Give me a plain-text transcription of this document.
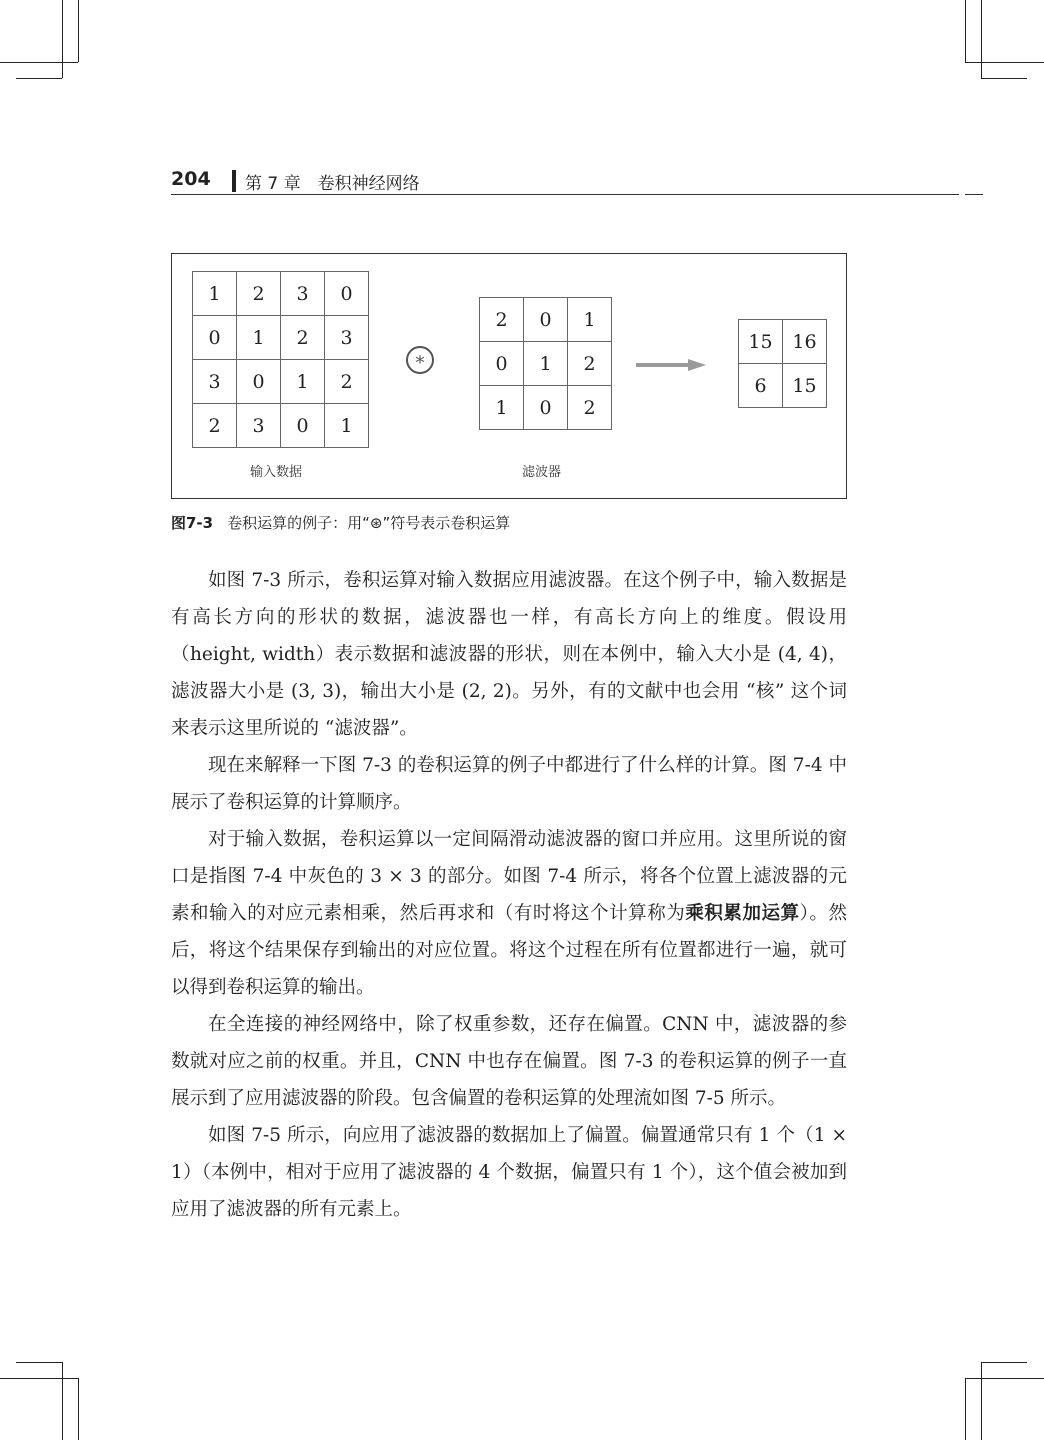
204 第 7 章　卷积神经网络
1	2	3	0
0	1	2	3
3	0	1	2
2	3	0	1
∗
2	0	1
0	1	2
1	0	2
15	16
6	15
输入数据	滤波器
图7-3 卷积运算的例子：用“⊛”符号表示卷积运算

如图 7-3 所示，卷积运算对输入数据应用滤波器。在这个例子中，输入数据是有高长方向的形状的数据，滤波器也一样，有高长方向上的维度。假设用（height, width）表示数据和滤波器的形状，则在本例中，输入大小是 (4, 4)，滤波器大小是 (3, 3)，输出大小是 (2, 2)。另外，有的文献中也会用 “核” 这个词来表示这里所说的 “滤波器”。

现在来解释一下图 7-3 的卷积运算的例子中都进行了什么样的计算。图 7-4 中展示了卷积运算的计算顺序。

对于输入数据，卷积运算以一定间隔滑动滤波器的窗口并应用。这里所说的窗口是指图 7-4 中灰色的 3 × 3 的部分。如图 7-4 所示，将各个位置上滤波器的元素和输入的对应元素相乘，然后再求和（有时将这个计算称为乘积累加运算）。然后，将这个结果保存到输出的对应位置。将这个过程在所有位置都进行一遍，就可以得到卷积运算的输出。

在全连接的神经网络中，除了权重参数，还存在偏置。CNN 中，滤波器的参数就对应之前的权重。并且，CNN 中也存在偏置。图 7-3 的卷积运算的例子一直展示到了应用滤波器的阶段。包含偏置的卷积运算的处理流如图 7-5 所示。

如图 7-5 所示，向应用了滤波器的数据加上了偏置。偏置通常只有 1 个（1 × 1）（本例中，相对于应用了滤波器的 4 个数据，偏置只有 1 个），这个值会被加到应用了滤波器的所有元素上。
